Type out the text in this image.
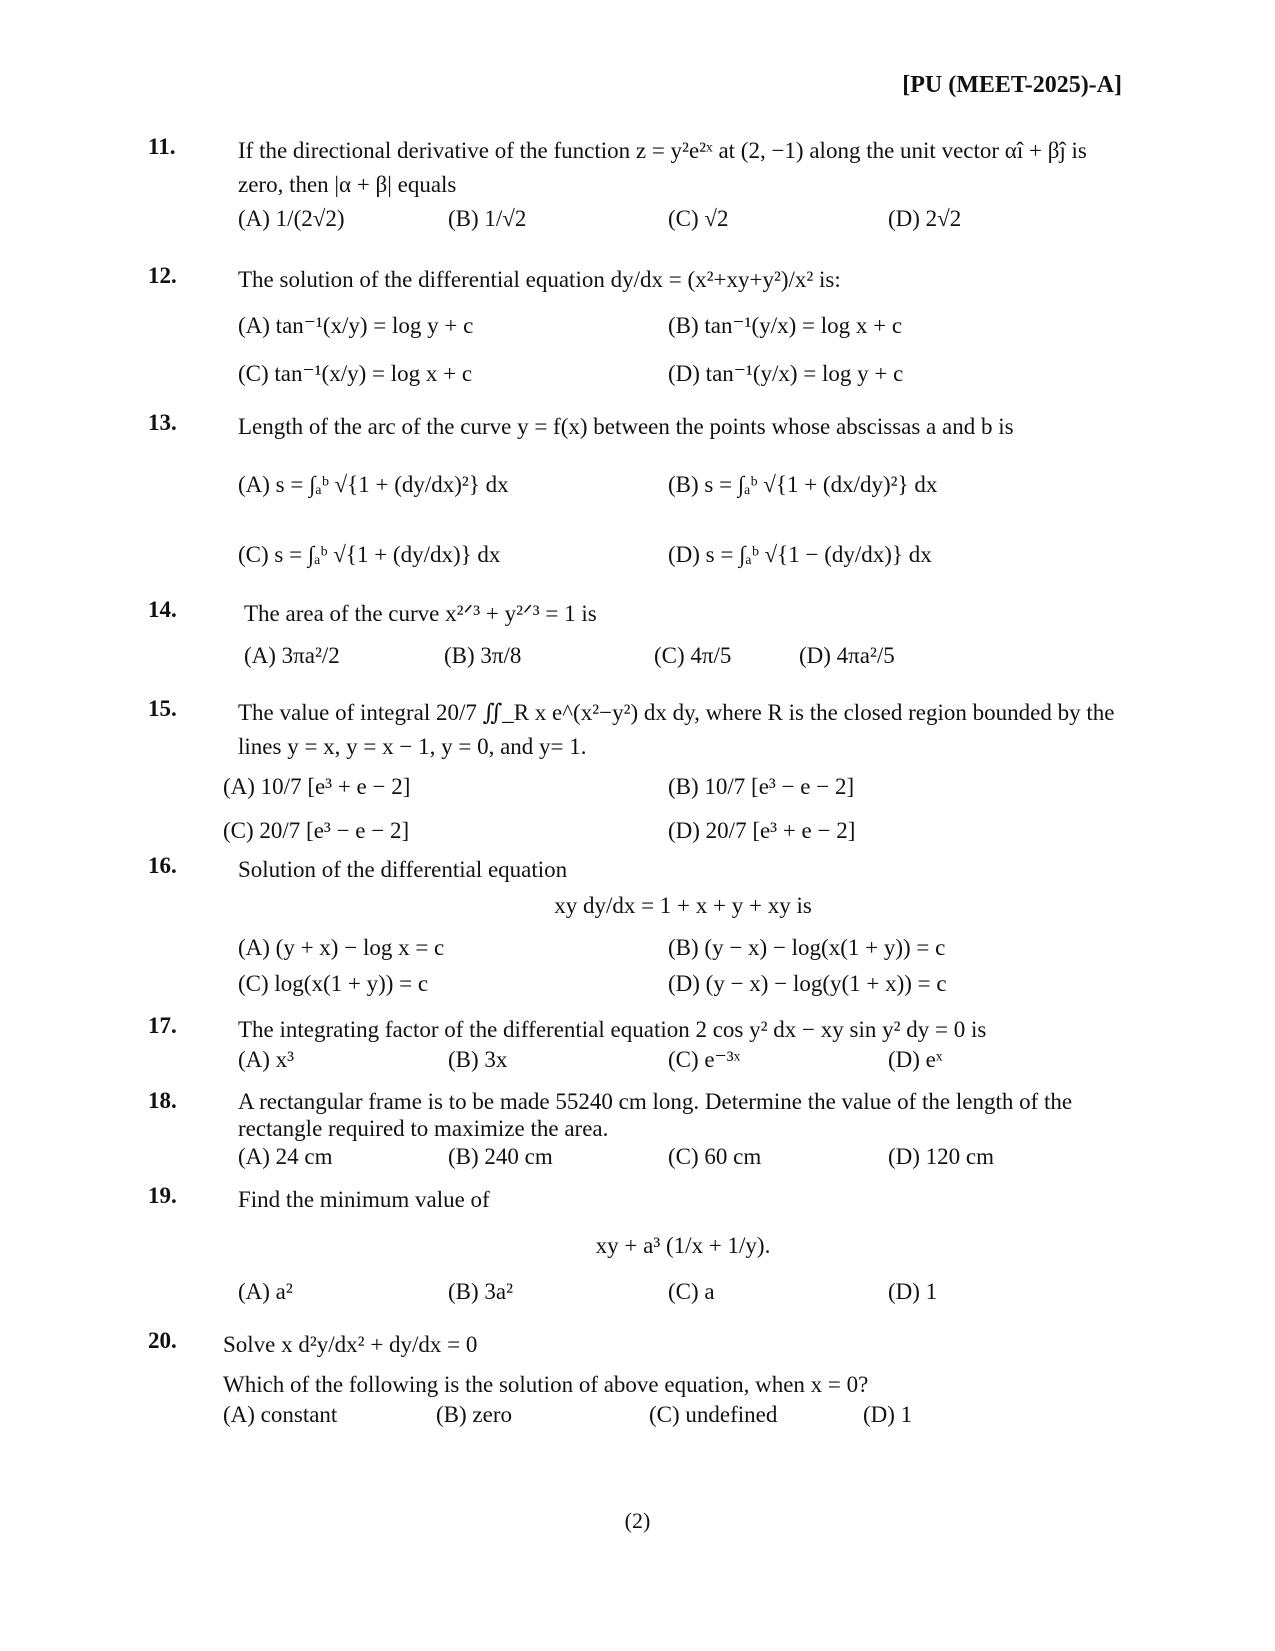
[PU (MEET-2025)-A]
11.	If the directional derivative of the function z = y²e²ˣ at (2, −1) along the unit vector αî + βĵ is zero, then |α + β| equals
(A) 1/(2√2)	(B) 1/√2	(C) √2	(D) 2√2
12.	The solution of the differential equation dy/dx = (x²+xy+y²)/x² is:
(A) tan⁻¹(x/y) = log y + c	(B) tan⁻¹(y/x) = log x + c
(C) tan⁻¹(x/y) = log x + c	(D) tan⁻¹(y/x) = log y + c
13.	Length of the arc of the curve y = f(x) between the points whose abscissas a and b is
(A) s = ∫ₐᵇ √{1 + (dy/dx)²} dx	(B) s = ∫ₐᵇ √{1 + (dx/dy)²} dx
(C) s = ∫ₐᵇ √{1 + (dy/dx)} dx	(D) s = ∫ₐᵇ √{1 − (dy/dx)} dx
14.	The area of the curve x²ᐟ³ + y²ᐟ³ = 1 is
(A) 3πa²/2	(B) 3π/8	(C) 4π/5	(D) 4πa²/5
15.	The value of integral 20/7 ∬_R x e^(x²−y²) dx dy, where R is the closed region bounded by the lines y = x, y = x − 1, y = 0, and y= 1.
(A) 10/7 [e³ + e − 2]	(B) 10/7 [e³ − e − 2]
(C) 20/7 [e³ − e − 2]	(D) 20/7 [e³ + e − 2]
16.	Solution of the differential equation
xy dy/dx = 1 + x + y + xy is
(A) (y + x) − log x = c	(B) (y − x) − log(x(1 + y)) = c
(C) log(x(1 + y)) = c	(D) (y − x) − log(y(1 + x)) = c
17.	The integrating factor of the differential equation 2 cos y² dx − xy sin y² dy = 0 is
(A) x³	(B) 3x	(C) e⁻³ˣ	(D) eˣ
18.	A rectangular frame is to be made 55240 cm long. Determine the value of the length of the rectangle required to maximize the area.
(A) 24 cm	(B) 240 cm	(C) 60 cm	(D) 120 cm
19.	Find the minimum value of
xy + a³ (1/x + 1/y).
(A) a²	(B) 3a²	(C) a	(D) 1
20.	Solve x d²y/dx² + dy/dx = 0
Which of the following is the solution of above equation, when x = 0?
(A) constant	(B) zero	(C) undefined	(D) 1
(2)
